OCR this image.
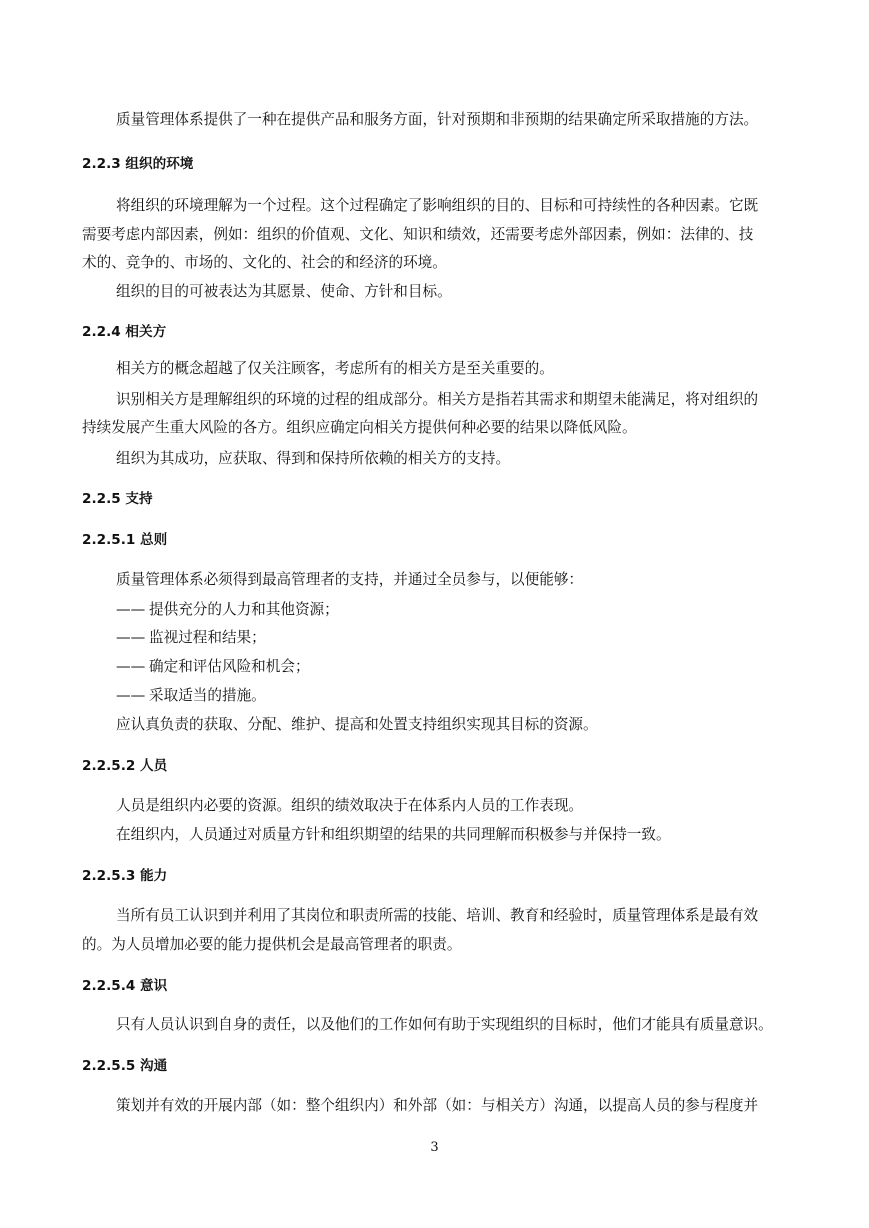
质量管理体系提供了一种在提供产品和服务方面，针对预期和非预期的结果确定所采取措施的方法。

2.2.3 组织的环境

将组织的环境理解为一个过程。这个过程确定了影响组织的目的、目标和可持续性的各种因素。它既

需要考虑内部因素，例如：组织的价值观、文化、知识和绩效，还需要考虑外部因素，例如：法律的、技

术的、竞争的、市场的、文化的、社会的和经济的环境。

组织的目的可被表达为其愿景、使命、方针和目标。

2.2.4 相关方

相关方的概念超越了仅关注顾客，考虑所有的相关方是至关重要的。

识别相关方是理解组织的环境的过程的组成部分。相关方是指若其需求和期望未能满足，将对组织的

持续发展产生重大风险的各方。组织应确定向相关方提供何种必要的结果以降低风险。

组织为其成功，应获取、得到和保持所依赖的相关方的支持。

2.2.5 支持
2.2.5.1 总则

质量管理体系必须得到最高管理者的支持，并通过全员参与，以便能够：

—— 提供充分的人力和其他资源；
—— 监视过程和结果；
—— 确定和评估风险和机会；
—— 采取适当的措施。

应认真负责的获取、分配、维护、提高和处置支持组织实现其目标的资源。

2.2.5.2 人员

人员是组织内必要的资源。组织的绩效取决于在体系内人员的工作表现。

在组织内，人员通过对质量方针和组织期望的结果的共同理解而积极参与并保持一致。

2.2.5.3 能力

当所有员工认识到并利用了其岗位和职责所需的技能、培训、教育和经验时，质量管理体系是最有效

的。为人员增加必要的能力提供机会是最高管理者的职责。

2.2.5.4 意识

只有人员认识到自身的责任，以及他们的工作如何有助于实现组织的目标时，他们才能具有质量意识。

2.2.5.5 沟通

策划并有效的开展内部（如：整个组织内）和外部（如：与相关方）沟通，以提高人员的参与程度并

3
